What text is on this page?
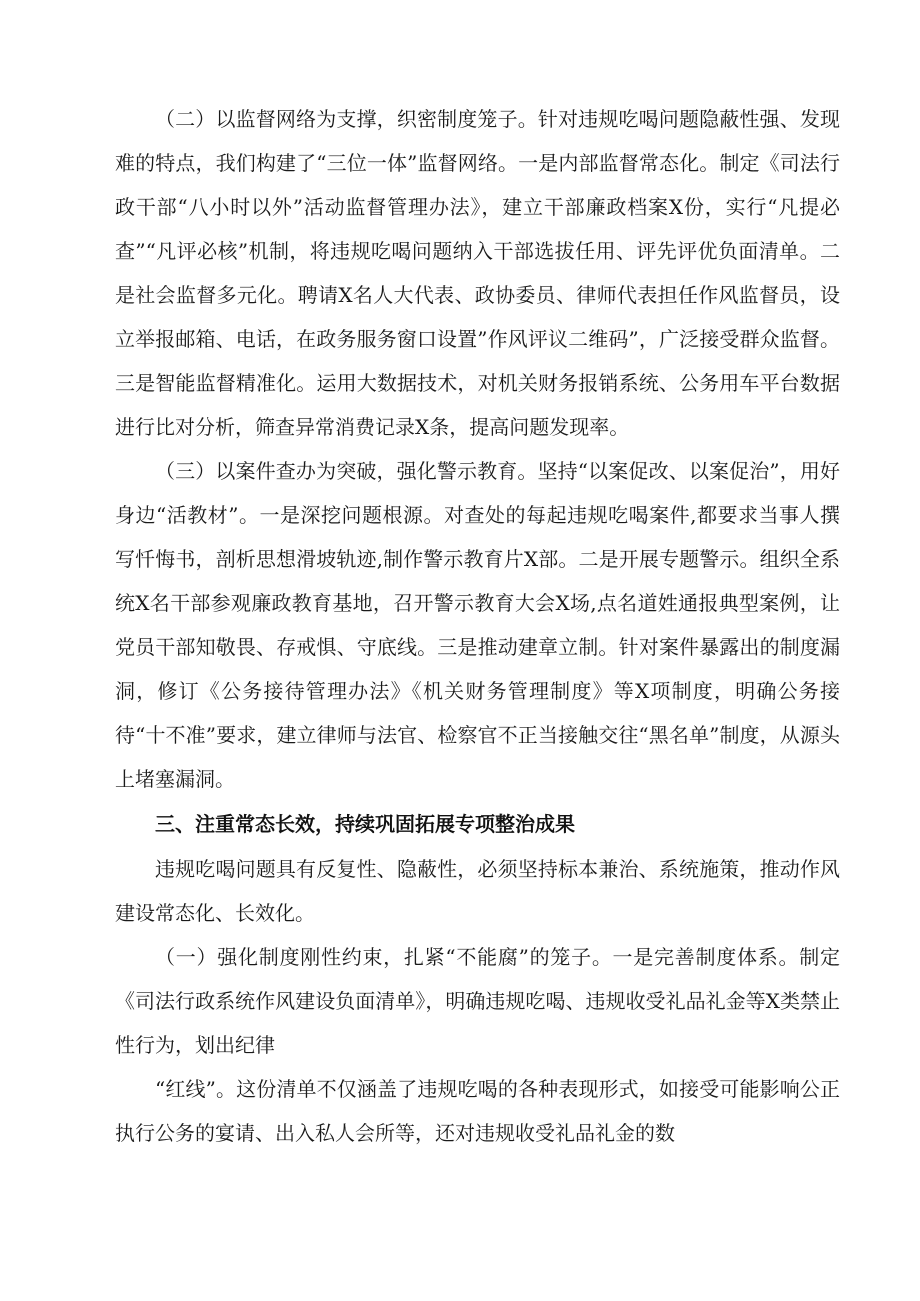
（二）以监督网络为支撑，织密制度笼子。针对违规吃喝问题隐蔽性强、发现难的特点，我们构建了“三位一体”监督网络。一是内部监督常态化。制定《司法行政干部“八小时以外”活动监督管理办法》，建立干部廉政档案X份，实行“凡提必查”“凡评必核”机制，将违规吃喝问题纳入干部选拔任用、评先评优负面清单。二是社会监督多元化。聘请X名人大代表、政协委员、律师代表担任作风监督员，设立举报邮箱、电话，在政务服务窗口设置”作风评议二维码”，广泛接受群众监督。三是智能监督精准化。运用大数据技术，对机关财务报销系统、公务用车平台数据进行比对分析，筛查异常消费记录X条，提高问题发现率。

（三）以案件查办为突破，强化警示教育。坚持“以案促改、以案促治”，用好身边“活教材”。一是深挖问题根源。对查处的每起违规吃喝案件,都要求当事人撰写忏悔书，剖析思想滑坡轨迹,制作警示教育片X部。二是开展专题警示。组织全系统X名干部参观廉政教育基地，召开警示教育大会X场,点名道姓通报典型案例，让党员干部知敬畏、存戒惧、守底线。三是推动建章立制。针对案件暴露出的制度漏洞，修订《公务接待管理办法》《机关财务管理制度》等X项制度，明确公务接待“十不准”要求，建立律师与法官、检察官不正当接触交往“黑名单”制度，从源头上堵塞漏洞。

三、注重常态长效，持续巩固拓展专项整治成果

违规吃喝问题具有反复性、隐蔽性，必须坚持标本兼治、系统施策，推动作风建设常态化、长效化。

（一）强化制度刚性约束，扎紧“不能腐”的笼子。一是完善制度体系。制定《司法行政系统作风建设负面清单》，明确违规吃喝、违规收受礼品礼金等X类禁止性行为，划出纪律

“红线”。这份清单不仅涵盖了违规吃喝的各种表现形式，如接受可能影响公正执行公务的宴请、出入私人会所等，还对违规收受礼品礼金的数
